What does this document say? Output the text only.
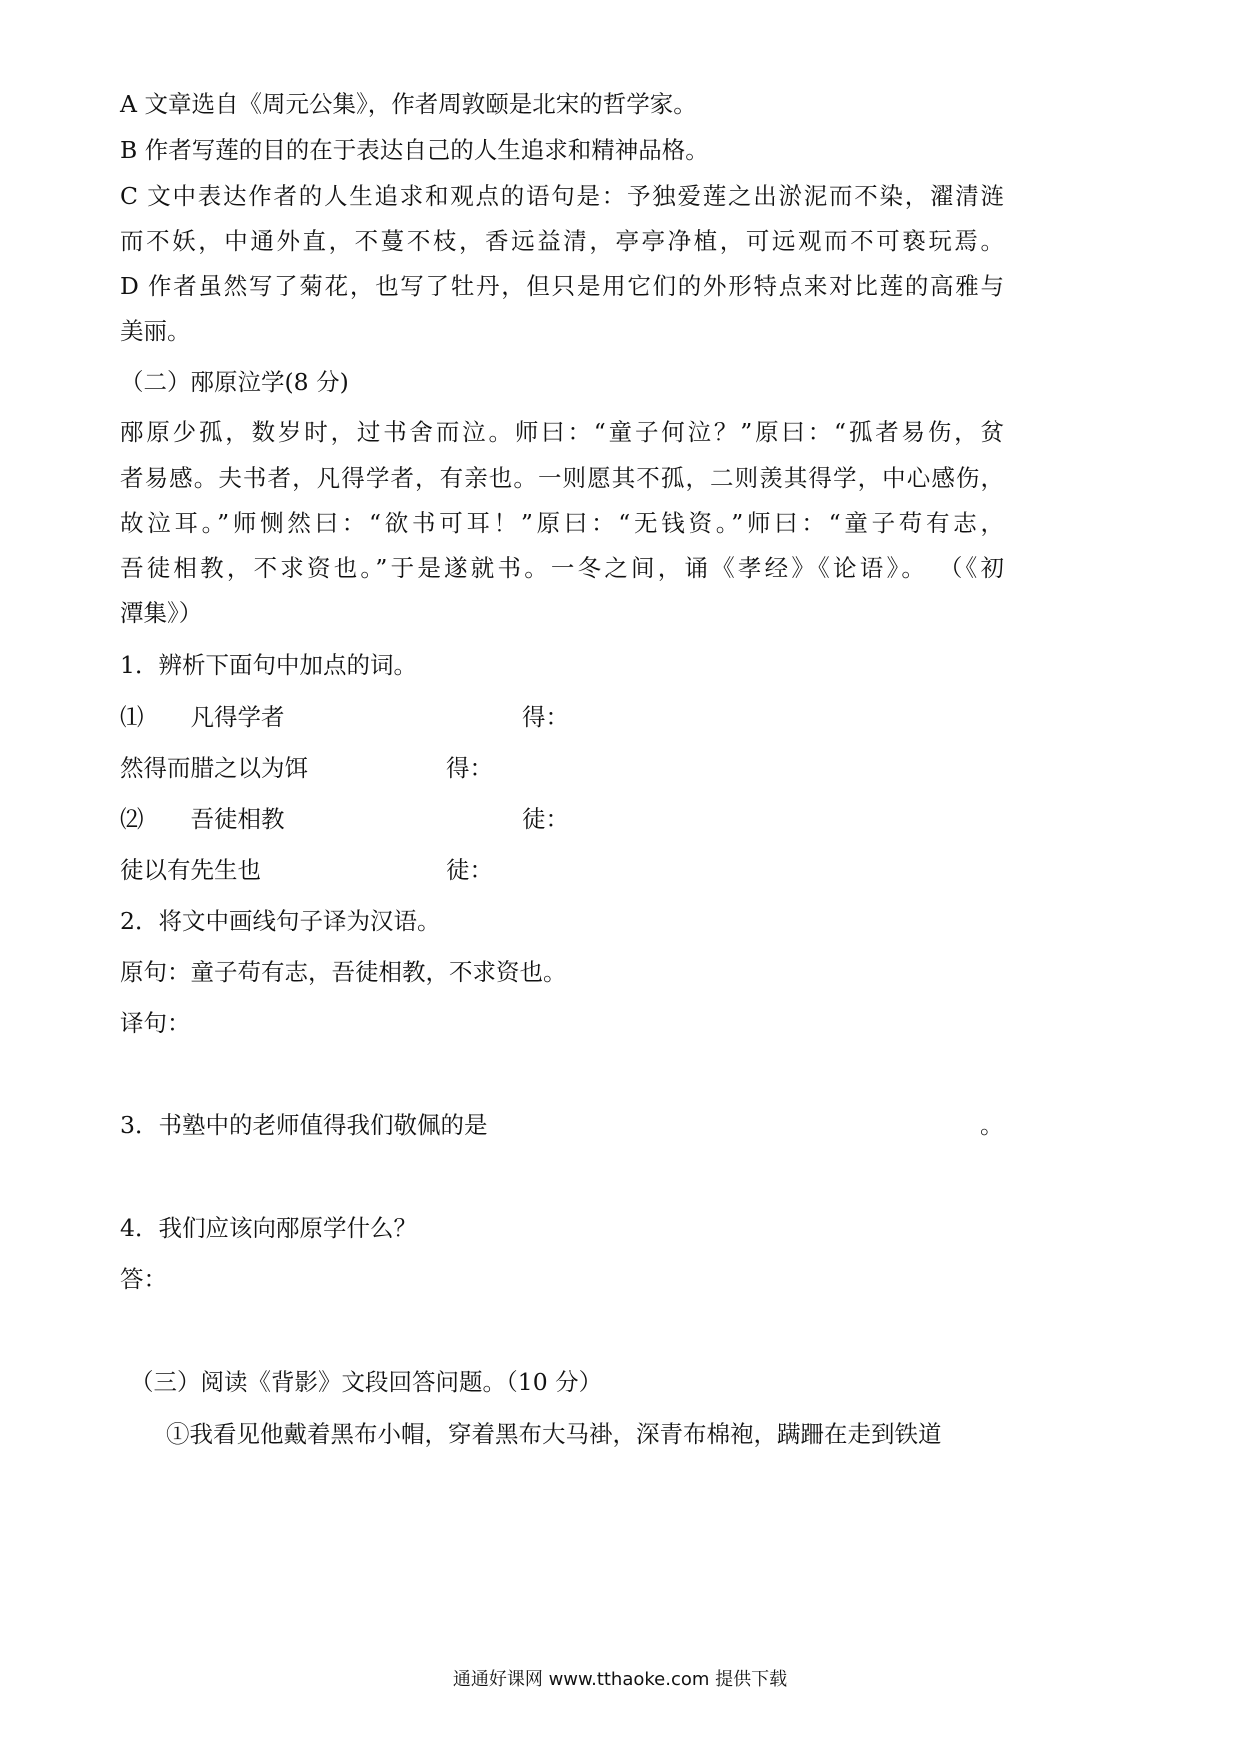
A 文章选自《周元公集》，作者周敦颐是北宋的哲学家。
B 作者写莲的目的在于表达自己的人生追求和精神品格。
C 文中表达作者的人生追求和观点的语句是：予独爱莲之出淤泥而不染，濯清涟
而不妖，中通外直，不蔓不枝，香远益清，亭亭净植，可远观而不可亵玩焉。
D 作者虽然写了菊花，也写了牡丹，但只是用它们的外形特点来对比莲的高雅与
美丽。
（二）邴原泣学(8 分)
邴原少孤，数岁时，过书舍而泣。师曰：“童子何泣？”原曰：“孤者易伤，贫
者易感。夫书者，凡得学者，有亲也。一则愿其不孤，二则羡其得学，中心感伤，
故泣耳。”师恻然曰：“欲书可耳！”原曰：“无钱资。”师曰：“童子苟有志，
吾徒相教，不求资也。”于是遂就书。一冬之间，诵《孝经》《论语》。 （《初
潭集》）
1．辨析下面句中加点的词。
⑴　　凡得学者	得：
然得而腊之以为饵	得：
⑵　　吾徒相教	徒：
徒以有先生也	徒：
2．将文中画线句子译为汉语。
原句：童子苟有志，吾徒相教，不求资也。
译句：
3．书塾中的老师值得我们敬佩的是	。
4．我们应该向邴原学什么？
答：
（三）阅读《背影》文段回答问题。（10 分）
①我看见他戴着黑布小帽，穿着黑布大马褂，深青布棉袍，蹒跚在走到铁道
通通好课网 www.tthaoke.com 提供下载
